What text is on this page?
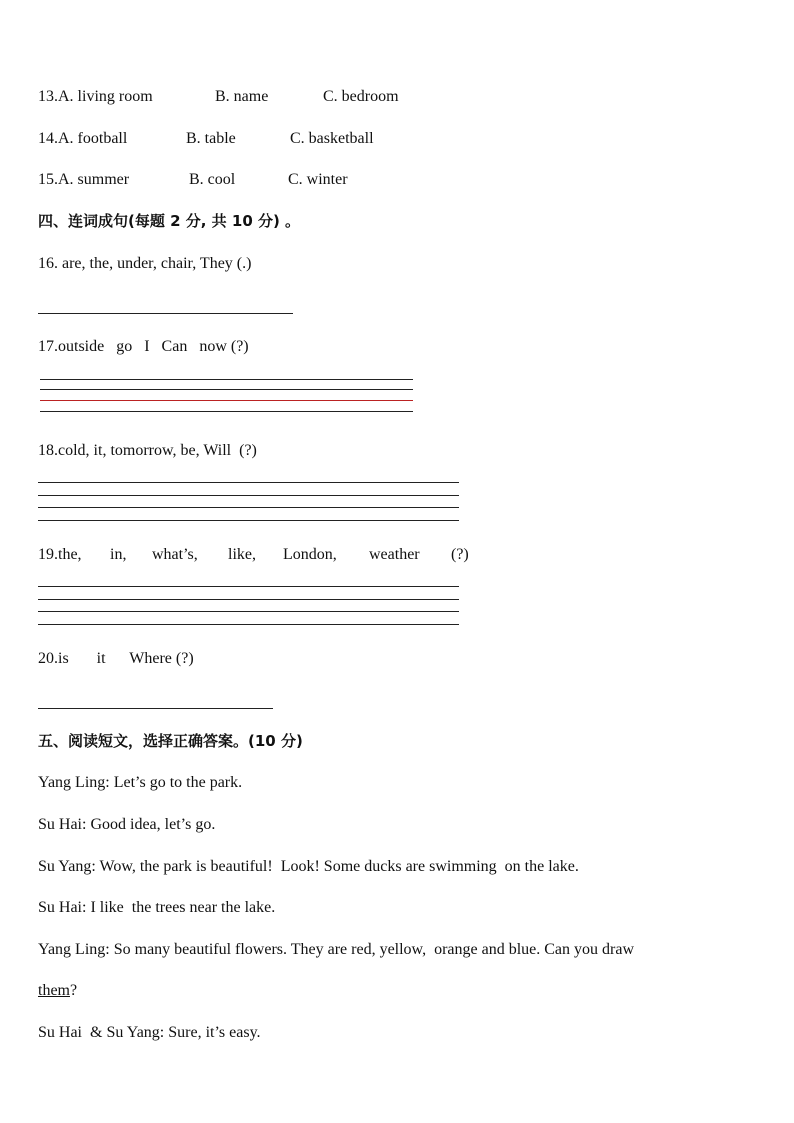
13.A. living room	B. name	C. bedroom
14.A. football	B. table	C. basketball
15.A. summer	B. cool	C. winter
四、连词成句(每题 2 分, 共 10 分) 。
16. are, the, under, chair, They (.)
17.outside   go   I   Can   now (?)
18.cold, it, tomorrow, be, Will  (?)
19.the, in, what’s, like, London, weather (?)
20.is       it      Where (?)
五、阅读短文，选择正确答案。(10 分)
Yang Ling: Let’s go to the park.
Su Hai: Good idea, let’s go.
Su Yang: Wow, the park is beautiful!  Look! Some ducks are swimming  on the lake.
Su Hai: I like  the trees near the lake.
Yang Ling: So many beautiful flowers. They are red, yellow,  orange and blue. Can you draw
them?
Su Hai  & Su Yang: Sure, it’s easy.
